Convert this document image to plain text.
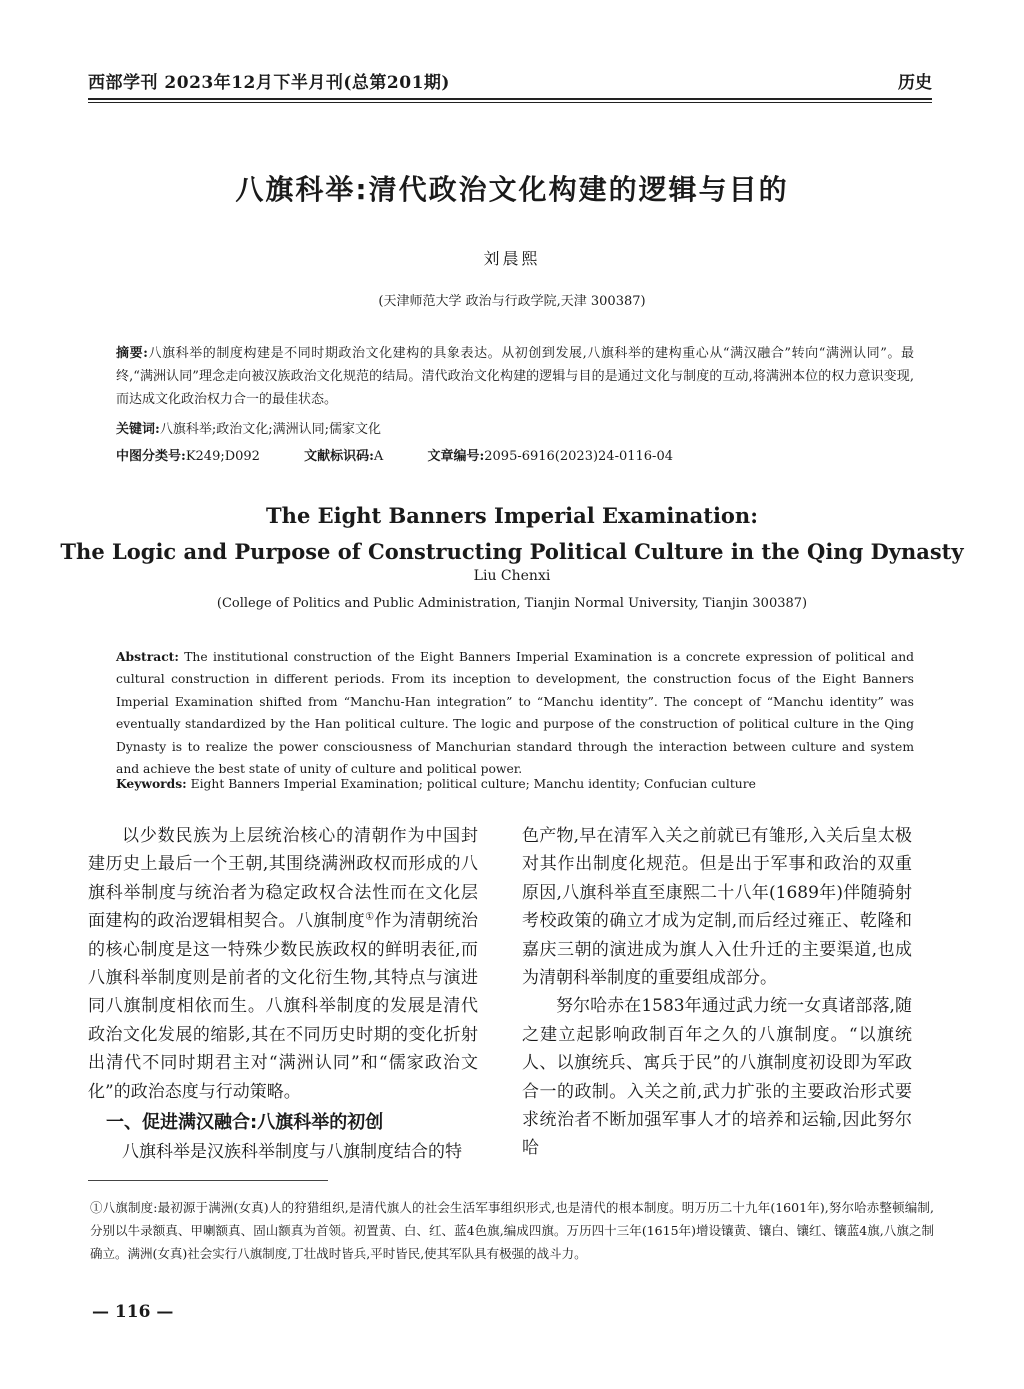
西部学刊 2023年12月下半月刊(总第201期)	历史
八旗科举:清代政治文化构建的逻辑与目的
刘晨熙
(天津师范大学 政治与行政学院,天津 300387)
摘要:八旗科举的制度构建是不同时期政治文化建构的具象表达。从初创到发展,八旗科举的建构重心从“满汉融合”转向“满洲认同”。最终,“满洲认同”理念走向被汉族政治文化规范的结局。清代政治文化构建的逻辑与目的是通过文化与制度的互动,将满洲本位的权力意识变现,而达成文化政治权力合一的最佳状态。
关键词:八旗科举;政治文化;满洲认同;儒家文化
中图分类号:K249;D092	文献标识码:A	文章编号:2095-6916(2023)24-0116-04
The Eight Banners Imperial Examination:
The Logic and Purpose of Constructing Political Culture in the Qing Dynasty
Liu Chenxi
(College of Politics and Public Administration, Tianjin Normal University, Tianjin 300387)
Abstract: The institutional construction of the Eight Banners Imperial Examination is a concrete expression of political and cultural construction in different periods. From its inception to development, the construction focus of the Eight Banners Imperial Examination shifted from “Manchu-Han integration” to “Manchu identity”. The concept of “Manchu identity” was eventually standardized by the Han political culture. The logic and purpose of the construction of political culture in the Qing Dynasty is to realize the power consciousness of Manchurian standard through the interaction between culture and system and achieve the best state of unity of culture and political power.
Keywords: Eight Banners Imperial Examination; political culture; Manchu identity; Confucian culture

以少数民族为上层统治核心的清朝作为中国封建历史上最后一个王朝,其围绕满洲政权而形成的八旗科举制度与统治者为稳定政权合法性而在文化层面建构的政治逻辑相契合。八旗制度①作为清朝统治的核心制度是这一特殊少数民族政权的鲜明表征,而八旗科举制度则是前者的文化衍生物,其特点与演进同八旗制度相依而生。八旗科举制度的发展是清代政治文化发展的缩影,其在不同历史时期的变化折射出清代不同时期君主对“满洲认同”和“儒家政治文化”的政治态度与行动策略。

一、促进满汉融合:八旗科举的初创

八旗科举是汉族科举制度与八旗制度结合的特

色产物,早在清军入关之前就已有雏形,入关后皇太极对其作出制度化规范。但是出于军事和政治的双重原因,八旗科举直至康熙二十八年(1689年)伴随骑射考校政策的确立才成为定制,而后经过雍正、乾隆和嘉庆三朝的演进成为旗人入仕升迁的主要渠道,也成为清朝科举制度的重要组成部分。

努尔哈赤在1583年通过武力统一女真诸部落,随之建立起影响政制百年之久的八旗制度。“以旗统人、以旗统兵、寓兵于民”的八旗制度初设即为军政合一的政制。入关之前,武力扩张的主要政治形式要求统治者不断加强军事人才的培养和运输,因此努尔哈

①八旗制度:最初源于满洲(女真)人的狩猎组织,是清代旗人的社会生活军事组织形式,也是清代的根本制度。明万历二十九年(1601年),努尔哈赤整顿编制,分别以牛录额真、甲喇额真、固山额真为首领。初置黄、白、红、蓝4色旗,编成四旗。万历四十三年(1615年)增设镶黄、镶白、镶红、镶蓝4旗,八旗之制确立。满洲(女真)社会实行八旗制度,丁壮战时皆兵,平时皆民,使其军队具有极强的战斗力。
— 116 —
